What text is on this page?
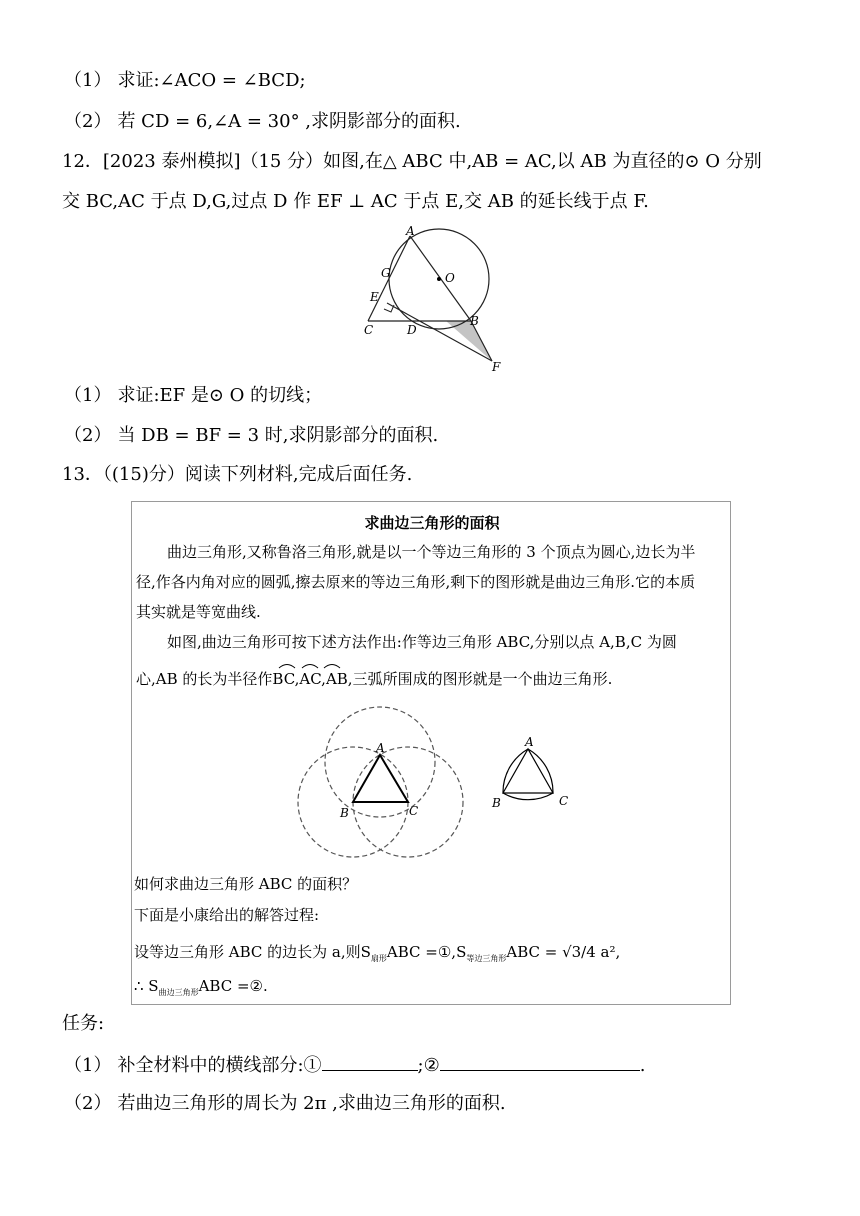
（1） 求证:∠ACO = ∠BCD;
（2） 若 CD = 6,∠A = 30° ,求阴影部分的面积.
12．[2023 泰州模拟]（15 分）如图,在△ ABC 中,AB = AC,以 AB 为直径的⊙ O 分别
交 BC,AC 于点 D,G,过点 D 作 EF ⊥ AC 于点 E,交 AB 的延长线于点 F.
A
G	O
E
C	D
B
F
（1） 求证:EF 是⊙ O 的切线；
（2） 当 DB = BF = 3 时,求阴影部分的面积.
13．（(15)分）阅读下列材料,完成后面任务.
求曲边三角形的面积
曲边三角形,又称鲁洛三角形,就是以一个等边三角形的 3 个顶点为圆心,边长为半
径,作各内角对应的圆弧,擦去原来的等边三角形,剩下的图形就是曲边三角形.它的本质
其实就是等宽曲线.
如图,曲边三角形可按下述方法作出:作等边三角形 ABC,分别以点 A,B,C 为圆
心,AB 的长为半径作BC,AC,AB,三弧所围成的图形就是一个曲边三角形.
A
B	C
A
B	C
如何求曲边三角形 ABC 的面积？
下面是小康给出的解答过程:
设等边三角形 ABC 的边长为 a,则$S_{扇形}ABC$ $=①,S_{等边三角形}ABC = √3/4$ a²,
∴ $S_{曲边三角形}ABC$ =②.
任务:
（1） 补全材料中的横线部分:①	;②	.
（2） 若曲边三角形的周长为 2π ,求曲边三角形的面积.
